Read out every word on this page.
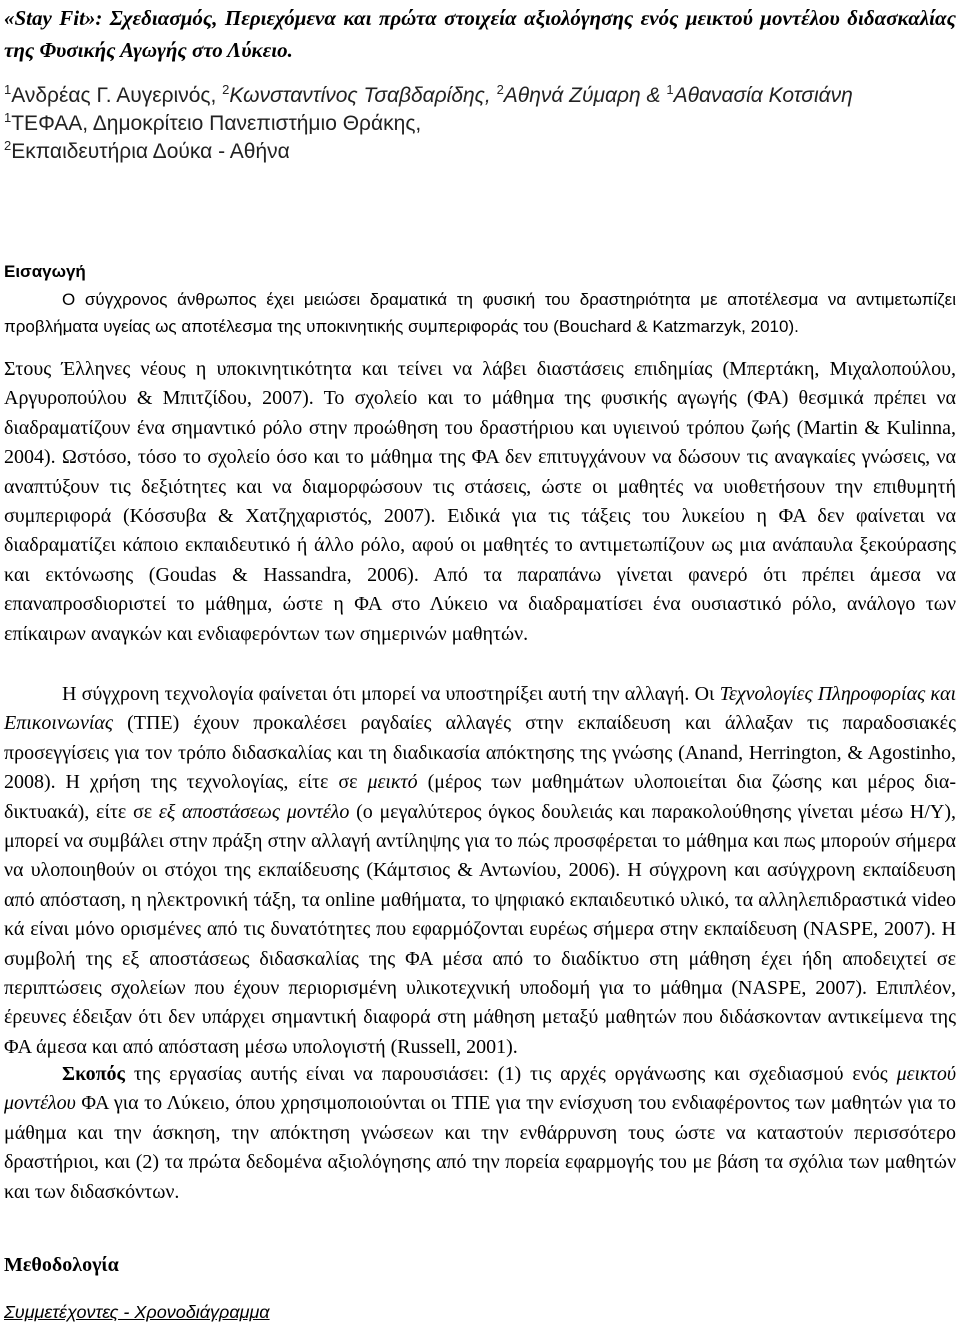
«Stay Fit»: Σχεδιασμός, Περιεχόμενα και πρώτα στοιχεία αξιολόγησης ενός μεικτού μοντέλου διδασκαλίας της Φυσικής Αγωγής στο Λύκειο.
$^1$Ανδρέας Γ. Αυγερινός, $^2$Κωνσταντίνος Τσαβδαρίδης, $^2$Αθηνά Ζύμαρη & $^1$Αθανασία Κοτσιάνη
$^1$ΤΕΦΑΑ, Δημοκρίτειο Πανεπιστήμιο Θράκης,
$^2$Εκπαιδευτήρια Δούκα - Αθήνα
Εισαγωγή
Ο σύγχρονος άνθρωπος έχει μειώσει δραματικά τη φυσική του δραστηριότητα με αποτέλεσμα να αντιμετωπίζει προβλήματα υγείας ως αποτέλεσμα της υποκινητικής συμπεριφοράς του (Bouchard & Katzmarzyk, 2010).
Στους Έλληνες νέους η υποκινητικότητα και τείνει να λάβει διαστάσεις επιδημίας (Μπερτάκη, Μιχαλοπούλου, Αργυροπούλου & Μπιτζίδου, 2007). Το σχολείο και το μάθημα της φυσικής αγωγής (ΦΑ) θεσμικά πρέπει να διαδραματίζουν ένα σημαντικό ρόλο στην προώθηση του δραστήριου και υγιεινού τρόπου ζωής (Martin & Kulinna, 2004). Ωστόσο, τόσο το σχολείο όσο και το μάθημα της ΦΑ δεν επιτυγχάνουν να δώσουν τις αναγκαίες γνώσεις, να αναπτύξουν τις δεξιότητες και να διαμορφώσουν τις στάσεις, ώστε οι μαθητές να υιοθετήσουν την επιθυμητή συμπεριφορά (Κόσσυβα & Χατζηχαριστός, 2007). Ειδικά για τις τάξεις του λυκείου η ΦΑ δεν φαίνεται να διαδραματίζει κάποιο εκπαιδευτικό ή άλλο ρόλο, αφού οι μαθητές το αντιμετωπίζουν ως μια ανάπαυλα ξεκούρασης και εκτόνωσης (Goudas & Hassandra, 2006). Από τα παραπάνω γίνεται φανερό ότι πρέπει άμεσα να επαναπροσδιοριστεί το μάθημα, ώστε η ΦΑ στο Λύκειο να διαδραματίσει ένα ουσιαστικό ρόλο, ανάλογο των επίκαιρων αναγκών και ενδιαφερόντων των σημερινών μαθητών.
Η σύγχρονη τεχνολογία φαίνεται ότι μπορεί να υποστηρίξει αυτή την αλλαγή. Οι Τεχνολογίες Πληροφορίας και Επικοινωνίας (ΤΠΕ) έχουν προκαλέσει ραγδαίες αλλαγές στην εκπαίδευση και άλλαξαν τις παραδοσιακές προσεγγίσεις για τον τρόπο διδασκαλίας και τη διαδικασία απόκτησης της γνώσης (Anand, Herrington, & Agostinho, 2008). Η χρήση της τεχνολογίας, είτε σε μεικτό (μέρος των μαθημάτων υλοποιείται δια ζώσης και μέρος δια-δικτυακά), είτε σε εξ αποστάσεως μοντέλο (ο μεγαλύτερος όγκος δουλειάς και παρακολούθησης γίνεται μέσω Η/Υ), μπορεί να συμβάλει στην πράξη στην αλλαγή αντίληψης για το πώς προσφέρεται το μάθημα και πως μπορούν σήμερα να υλοποιηθούν οι στόχοι της εκπαίδευσης (Κάμτσιος & Αντωνίου, 2006). Η σύγχρονη και ασύγχρονη εκπαίδευση από απόσταση, η ηλεκτρονική τάξη, τα online μαθήματα, το ψηφιακό εκπαιδευτικό υλικό, τα αλληλεπιδραστικά video κά είναι μόνο ορισμένες από τις δυνατότητες που εφαρμόζονται ευρέως σήμερα στην εκπαίδευση (NASPE, 2007). Η συμβολή της εξ αποστάσεως διδασκαλίας της ΦΑ μέσα από το διαδίκτυο στη μάθηση έχει ήδη αποδειχτεί σε περιπτώσεις σχολείων που έχουν περιορισμένη υλικοτεχνική υποδομή για το μάθημα (NASPE, 2007). Επιπλέον, έρευνες έδειξαν ότι δεν υπάρχει σημαντική διαφορά στη μάθηση μεταξύ μαθητών που διδάσκονταν αντικείμενα της ΦΑ άμεσα και από απόσταση μέσω υπολογιστή (Russell, 2001).
Σκοπός της εργασίας αυτής είναι να παρουσιάσει: (1) τις αρχές οργάνωσης και σχεδιασμού ενός μεικτού μοντέλου ΦΑ για το Λύκειο, όπου χρησιμοποιούνται οι ΤΠΕ για την ενίσχυση του ενδιαφέροντος των μαθητών για το μάθημα και την άσκηση, την απόκτηση γνώσεων και την ενθάρρυνση τους ώστε να καταστούν περισσότερο δραστήριοι, και (2) τα πρώτα δεδομένα αξιολόγησης από την πορεία εφαρμογής του με βάση τα σχόλια των μαθητών και των διδασκόντων.
Μεθοδολογία
Συμμετέχοντες - Χρονοδιάγραμμα
